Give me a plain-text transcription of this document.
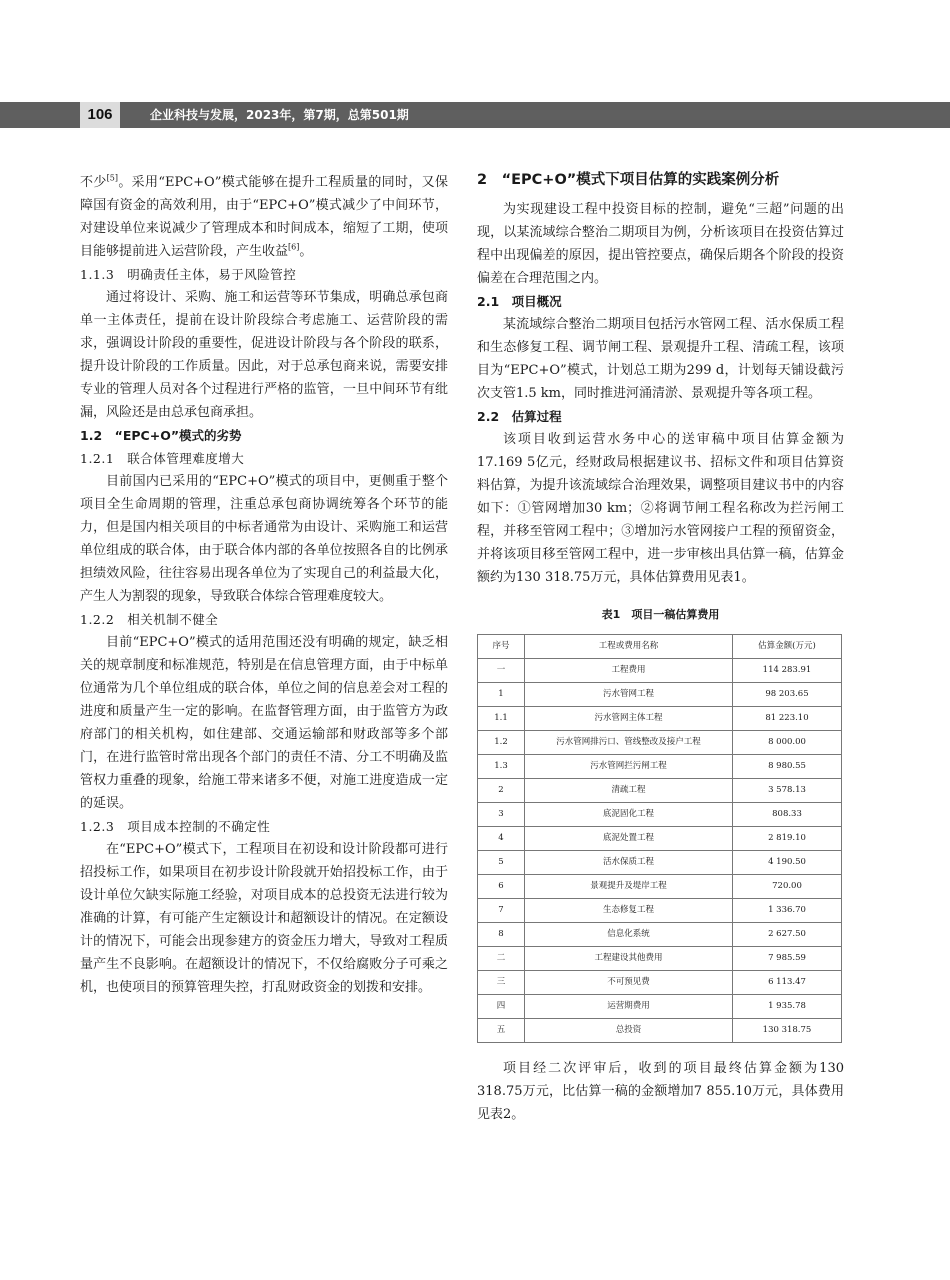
106	企业科技与发展，2023年，第7期，总第501期

不少[5]。采用“EPC+O”模式能够在提升工程质量的同时，又保障国有资金的高效利用，由于“EPC+O”模式减少了中间环节，对建设单位来说减少了管理成本和时间成本，缩短了工期，使项目能够提前进入运营阶段，产生收益[6]。

1.1.3　明确责任主体，易于风险管控

通过将设计、采购、施工和运营等环节集成，明确总承包商单一主体责任，提前在设计阶段综合考虑施工、运营阶段的需求，强调设计阶段的重要性，促进设计阶段与各个阶段的联系，提升设计阶段的工作质量。因此，对于总承包商来说，需要安排专业的管理人员对各个过程进行严格的监管，一旦中间环节有纰漏，风险还是由总承包商承担。

1.2　“EPC+O”模式的劣势

1.2.1　联合体管理难度增大

目前国内已采用的“EPC+O”模式的项目中，更侧重于整个项目全生命周期的管理，注重总承包商协调统筹各个环节的能力，但是国内相关项目的中标者通常为由设计、采购施工和运营单位组成的联合体，由于联合体内部的各单位按照各自的比例承担绩效风险，往往容易出现各单位为了实现自己的利益最大化，产生人为割裂的现象，导致联合体综合管理难度较大。

1.2.2　相关机制不健全

目前“EPC+O”模式的适用范围还没有明确的规定，缺乏相关的规章制度和标准规范，特别是在信息管理方面，由于中标单位通常为几个单位组成的联合体，单位之间的信息差会对工程的进度和质量产生一定的影响。在监督管理方面，由于监管方为政府部门的相关机构，如住建部、交通运输部和财政部等多个部门，在进行监管时常出现各个部门的责任不清、分工不明确及监管权力重叠的现象，给施工带来诸多不便，对施工进度造成一定的延误。

1.2.3　项目成本控制的不确定性

在“EPC+O”模式下，工程项目在初设和设计阶段都可进行招投标工作，如果项目在初步设计阶段就开始招投标工作，由于设计单位欠缺实际施工经验，对项目成本的总投资无法进行较为准确的计算，有可能产生定额设计和超额设计的情况。在定额设计的情况下，可能会出现参建方的资金压力增大，导致对工程质量产生不良影响。在超额设计的情况下，不仅给腐败分子可乘之机，也使项目的预算管理失控，打乱财政资金的划拨和安排。

2　“EPC+O”模式下项目估算的实践案例分析

为实现建设工程中投资目标的控制，避免“三超”问题的出现，以某流域综合整治二期项目为例，分析该项目在投资估算过程中出现偏差的原因，提出管控要点，确保后期各个阶段的投资偏差在合理范围之内。

2.1　项目概况

某流域综合整治二期项目包括污水管网工程、活水保质工程和生态修复工程、调节闸工程、景观提升工程、清疏工程，该项目为“EPC+O”模式，计划总工期为299 d，计划每天铺设截污次支管1.5 km，同时推进河涌清淤、景观提升等各项工程。

2.2　估算过程

该项目收到运营水务中心的送审稿中项目估算金额为17.169 5亿元，经财政局根据建议书、招标文件和项目估算资料估算，为提升该流域综合治理效果，调整项目建议书中的内容如下：①管网增加30 km；②将调节闸工程名称改为拦污闸工程，并移至管网工程中；③增加污水管网接户工程的预留资金，并将该项目移至管网工程中，进一步审核出具估算一稿，估算金额约为130 318.75万元，具体估算费用见表1。

表1　项目一稿估算费用
序号	工程或费用名称	估算金额(万元)
一	工程费用	114 283.91
1	污水管网工程	98 203.65
1.1	污水管网主体工程	81 223.10
1.2	污水管网排污口、管线整改及接户工程	8 000.00
1.3	污水管网拦污闸工程	8 980.55
2	清疏工程	3 578.13
3	底泥固化工程	808.33
4	底泥处置工程	2 819.10
5	活水保质工程	4 190.50
6	景观提升及堤岸工程	720.00
7	生态修复工程	1 336.70
8	信息化系统	2 627.50
二	工程建设其他费用	7 985.59
三	不可预见费	6 113.47
四	运营期费用	1 935.78
五	总投资	130 318.75

项目经二次评审后，收到的项目最终估算金额为130 318.75万元，比估算一稿的金额增加7 855.10万元，具体费用见表2。
